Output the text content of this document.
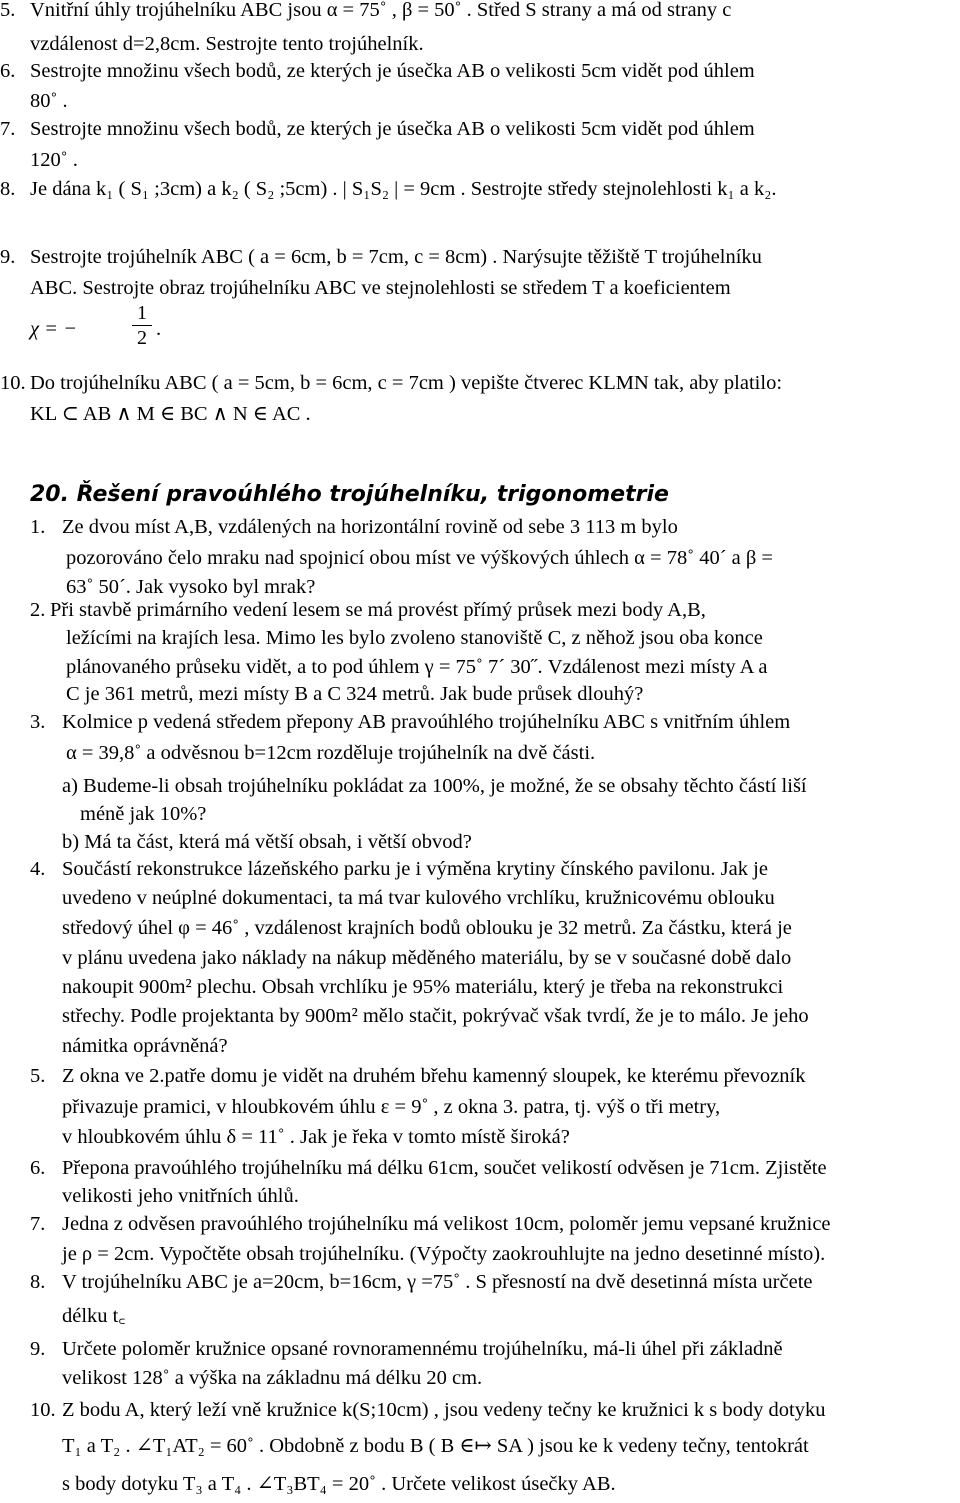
5. Vnitřní úhly trojúhelníku ABC jsou α = 75˚ , β = 50˚ . Střed S strany a má od strany c
vzdálenost d=2,8cm. Sestrojte tento trojúhelník.
6. Sestrojte množinu všech bodů, ze kterých je úsečka AB o velikosti 5cm vidět pod úhlem
80˚ .
7. Sestrojte množinu všech bodů, ze kterých je úsečka AB o velikosti 5cm vidět pod úhlem
120˚ .
8. Je dána k₁ ( S₁ ;3cm) a k₂ ( S₂ ;5cm) . | S₁S₂ | = 9cm . Sestrojte středy stejnolehlosti k₁ a k₂.
9. Sestrojte trojúhelník ABC ( a = 6cm, b = 7cm, c = 8cm) . Narýsujte těžiště T trojúhelníku
ABC. Sestrojte obraz trojúhelníku ABC ve stejnolehlosti se středem T a koeficientem
χ = −
1
2 .
10. Do trojúhelníku ABC ( a = 5cm, b = 6cm, c = 7cm ) vepište čtverec KLMN tak, aby platilo:
KL ⊂ AB ∧ M ∈ BC ∧ N ∈ AC .
20. Řešení pravoúhlého trojúhelníku, trigonometrie
1. Ze dvou míst A,B, vzdálených na horizontální rovině od sebe 3 113 m bylo
pozorováno čelo mraku nad spojnicí obou míst ve výškových úhlech α = 78˚ 40´ a β =
63˚ 50´. Jak vysoko byl mrak?
2. Při stavbě primárního vedení lesem se má provést přímý průsek mezi body A,B,
ležícími na krajích lesa. Mimo les bylo zvoleno stanoviště C, z něhož jsou oba konce
plánovaného průseku vidět, a to pod úhlem γ = 75˚ 7´ 30˝. Vzdálenost mezi místy A a
C je 361 metrů, mezi místy B a C 324 metrů. Jak bude průsek dlouhý?
3. Kolmice p vedená středem přepony AB pravoúhlého trojúhelníku ABC s vnitřním úhlem
α = 39,8˚ a odvěsnou b=12cm rozděluje trojúhelník na dvě části.
a) Budeme-li obsah trojúhelníku pokládat za 100%, je možné, že se obsahy těchto částí liší
méně jak 10%?
b) Má ta část, která má větší obsah, i větší obvod?
4. Součástí rekonstrukce lázeňského parku je i výměna krytiny čínského pavilonu. Jak je
uvedeno v neúplné dokumentaci, ta má tvar kulového vrchlíku, kružnicovému oblouku
středový úhel φ = 46˚ , vzdálenost krajních bodů oblouku je 32 metrů. Za částku, která je
v plánu uvedena jako náklady na nákup měděného materiálu, by se v současné době dalo
nakoupit 900m² plechu. Obsah vrchlíku je 95% materiálu, který je třeba na rekonstrukci
střechy. Podle projektanta by 900m² mělo stačit, pokrývač však tvrdí, že je to málo. Je jeho
námitka oprávněná?
5. Z okna ve 2.patře domu je vidět na druhém břehu kamenný sloupek, ke kterému převozník
přivazuje pramici, v hloubkovém úhlu ε = 9˚ , z okna 3. patra, tj. výš o tři metry,
v hloubkovém úhlu δ = 11˚ . Jak je řeka v tomto místě široká?
6. Přepona pravoúhlého trojúhelníku má délku 61cm, součet velikostí odvěsen je 71cm. Zjistěte
velikosti jeho vnitřních úhlů.
7. Jedna z odvěsen pravoúhlého trojúhelníku má velikost 10cm, poloměr jemu vepsané kružnice
je ρ = 2cm. Vypočtěte obsah trojúhelníku. (Výpočty zaokrouhlujte na jedno desetinné místo).
8. V trojúhelníku ABC je a=20cm, b=16cm, γ =75˚ . S přesností na dvě desetinná místa určete
délku t꜀
9. Určete poloměr kružnice opsané rovnoramennému trojúhelníku, má-li úhel při základně
velikost 128˚ a výška na základnu má délku 20 cm.
10. Z bodu A, který leží vně kružnice k(S;10cm) , jsou vedeny tečny ke kružnici k s body dotyku
T₁ a T₂ . ∠T₁AT₂ = 60˚ . Obdobně z bodu B ( B ∈↦ SA ) jsou ke k vedeny tečny, tentokrát
s body dotyku T₃ a T₄ . ∠T₃BT₄ = 20˚ . Určete velikost úsečky AB.
